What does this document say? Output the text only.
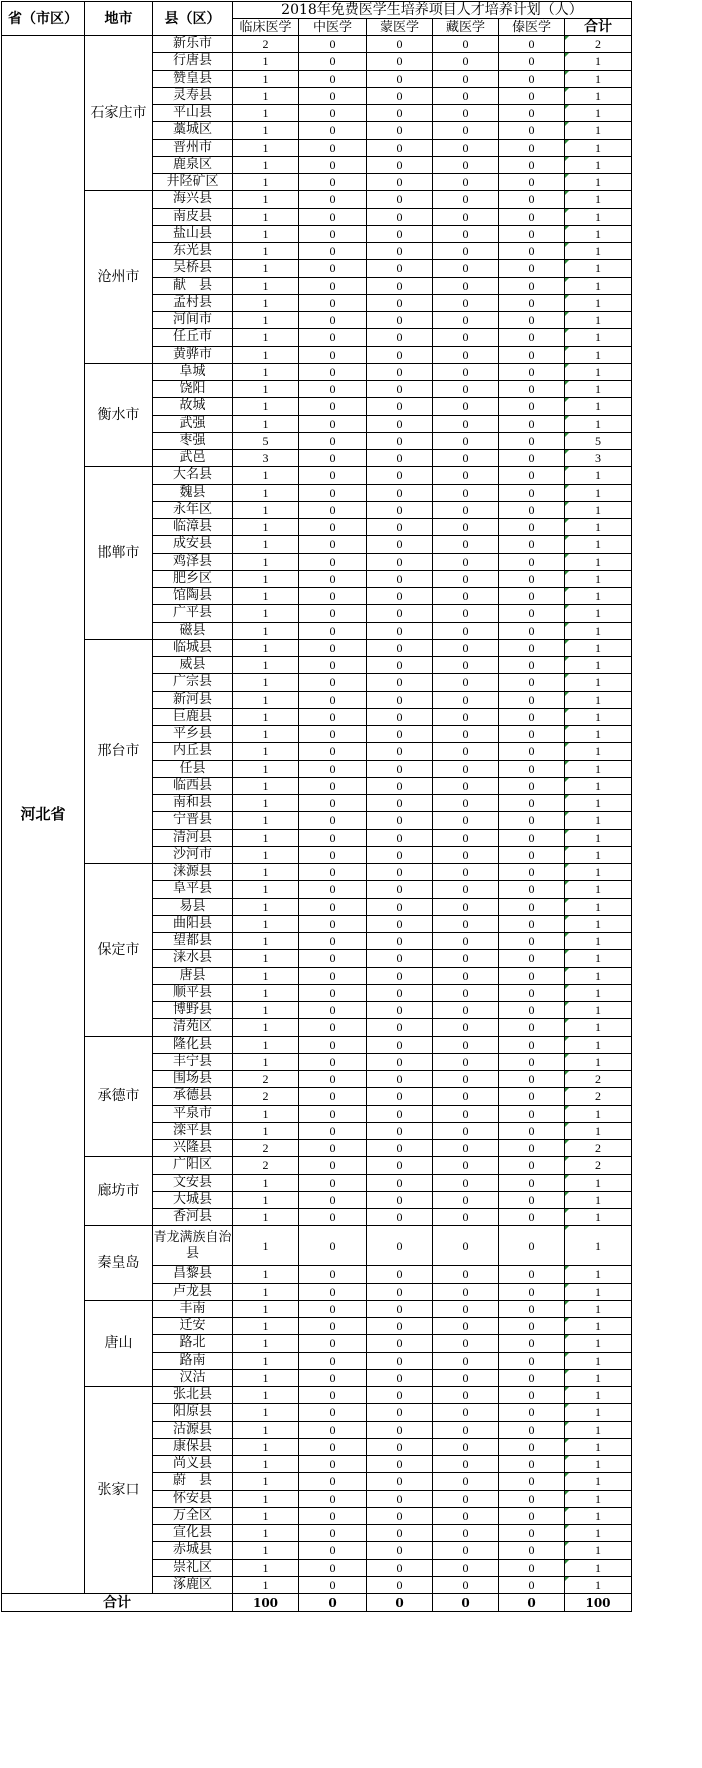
省（市区）	地市	县（区）	2018年免费医学生培养项目人才培养计划（人）					
			临床医学	中医学	蒙医学	藏医学	傣医学	合计
河北省	石家庄市	新乐市	2	0	0	0	0	2
		行唐县	1	0	0	0	0	1
		赞皇县	1	0	0	0	0	1
		灵寿县	1	0	0	0	0	1
		平山县	1	0	0	0	0	1
		藁城区	1	0	0	0	0	1
		晋州市	1	0	0	0	0	1
		鹿泉区	1	0	0	0	0	1
		井陉矿区	1	0	0	0	0	1
	沧州市	海兴县	1	0	0	0	0	1
		南皮县	1	0	0	0	0	1
		盐山县	1	0	0	0	0	1
		东光县	1	0	0	0	0	1
		吴桥县	1	0	0	0	0	1
		献　县	1	0	0	0	0	1
		孟村县	1	0	0	0	0	1
		河间市	1	0	0	0	0	1
		任丘市	1	0	0	0	0	1
		黄骅市	1	0	0	0	0	1
	衡水市	阜城	1	0	0	0	0	1
		饶阳	1	0	0	0	0	1
		故城	1	0	0	0	0	1
		武强	1	0	0	0	0	1
		枣强	5	0	0	0	0	5
		武邑	3	0	0	0	0	3
	邯郸市	大名县	1	0	0	0	0	1
		魏县	1	0	0	0	0	1
		永年区	1	0	0	0	0	1
		临漳县	1	0	0	0	0	1
		成安县	1	0	0	0	0	1
		鸡泽县	1	0	0	0	0	1
		肥乡区	1	0	0	0	0	1
		馆陶县	1	0	0	0	0	1
		广平县	1	0	0	0	0	1
		磁县	1	0	0	0	0	1
	邢台市	临城县	1	0	0	0	0	1
		威县	1	0	0	0	0	1
		广宗县	1	0	0	0	0	1
		新河县	1	0	0	0	0	1
		巨鹿县	1	0	0	0	0	1
		平乡县	1	0	0	0	0	1
		内丘县	1	0	0	0	0	1
		任县	1	0	0	0	0	1
		临西县	1	0	0	0	0	1
		南和县	1	0	0	0	0	1
		宁晋县	1	0	0	0	0	1
		清河县	1	0	0	0	0	1
		沙河市	1	0	0	0	0	1
	保定市	涞源县	1	0	0	0	0	1
		阜平县	1	0	0	0	0	1
		易县	1	0	0	0	0	1
		曲阳县	1	0	0	0	0	1
		望都县	1	0	0	0	0	1
		涞水县	1	0	0	0	0	1
		唐县	1	0	0	0	0	1
		顺平县	1	0	0	0	0	1
		博野县	1	0	0	0	0	1
		清苑区	1	0	0	0	0	1
	承德市	隆化县	1	0	0	0	0	1
		丰宁县	1	0	0	0	0	1
		围场县	2	0	0	0	0	2
		承德县	2	0	0	0	0	2
		平泉市	1	0	0	0	0	1
		滦平县	1	0	0	0	0	1
		兴隆县	2	0	0	0	0	2
	廊坊市	广阳区	2	0	0	0	0	2
		文安县	1	0	0	0	0	1
		大城县	1	0	0	0	0	1
		香河县	1	0	0	0	0	1
	秦皇岛	青龙满族自治县	1	0	0	0	0	1
		昌黎县	1	0	0	0	0	1
		卢龙县	1	0	0	0	0	1
	唐山	丰南	1	0	0	0	0	1
		迁安	1	0	0	0	0	1
		路北	1	0	0	0	0	1
		路南	1	0	0	0	0	1
		汉沽	1	0	0	0	0	1
	张家口	张北县	1	0	0	0	0	1
		阳原县	1	0	0	0	0	1
		沽源县	1	0	0	0	0	1
		康保县	1	0	0	0	0	1
		尚义县	1	0	0	0	0	1
		蔚　县	1	0	0	0	0	1
		怀安县	1	0	0	0	0	1
		万全区	1	0	0	0	0	1
		宣化县	1	0	0	0	0	1
		赤城县	1	0	0	0	0	1
		崇礼区	1	0	0	0	0	1
		涿鹿区	1	0	0	0	0	1
合计			100	0	0	0	0	100
